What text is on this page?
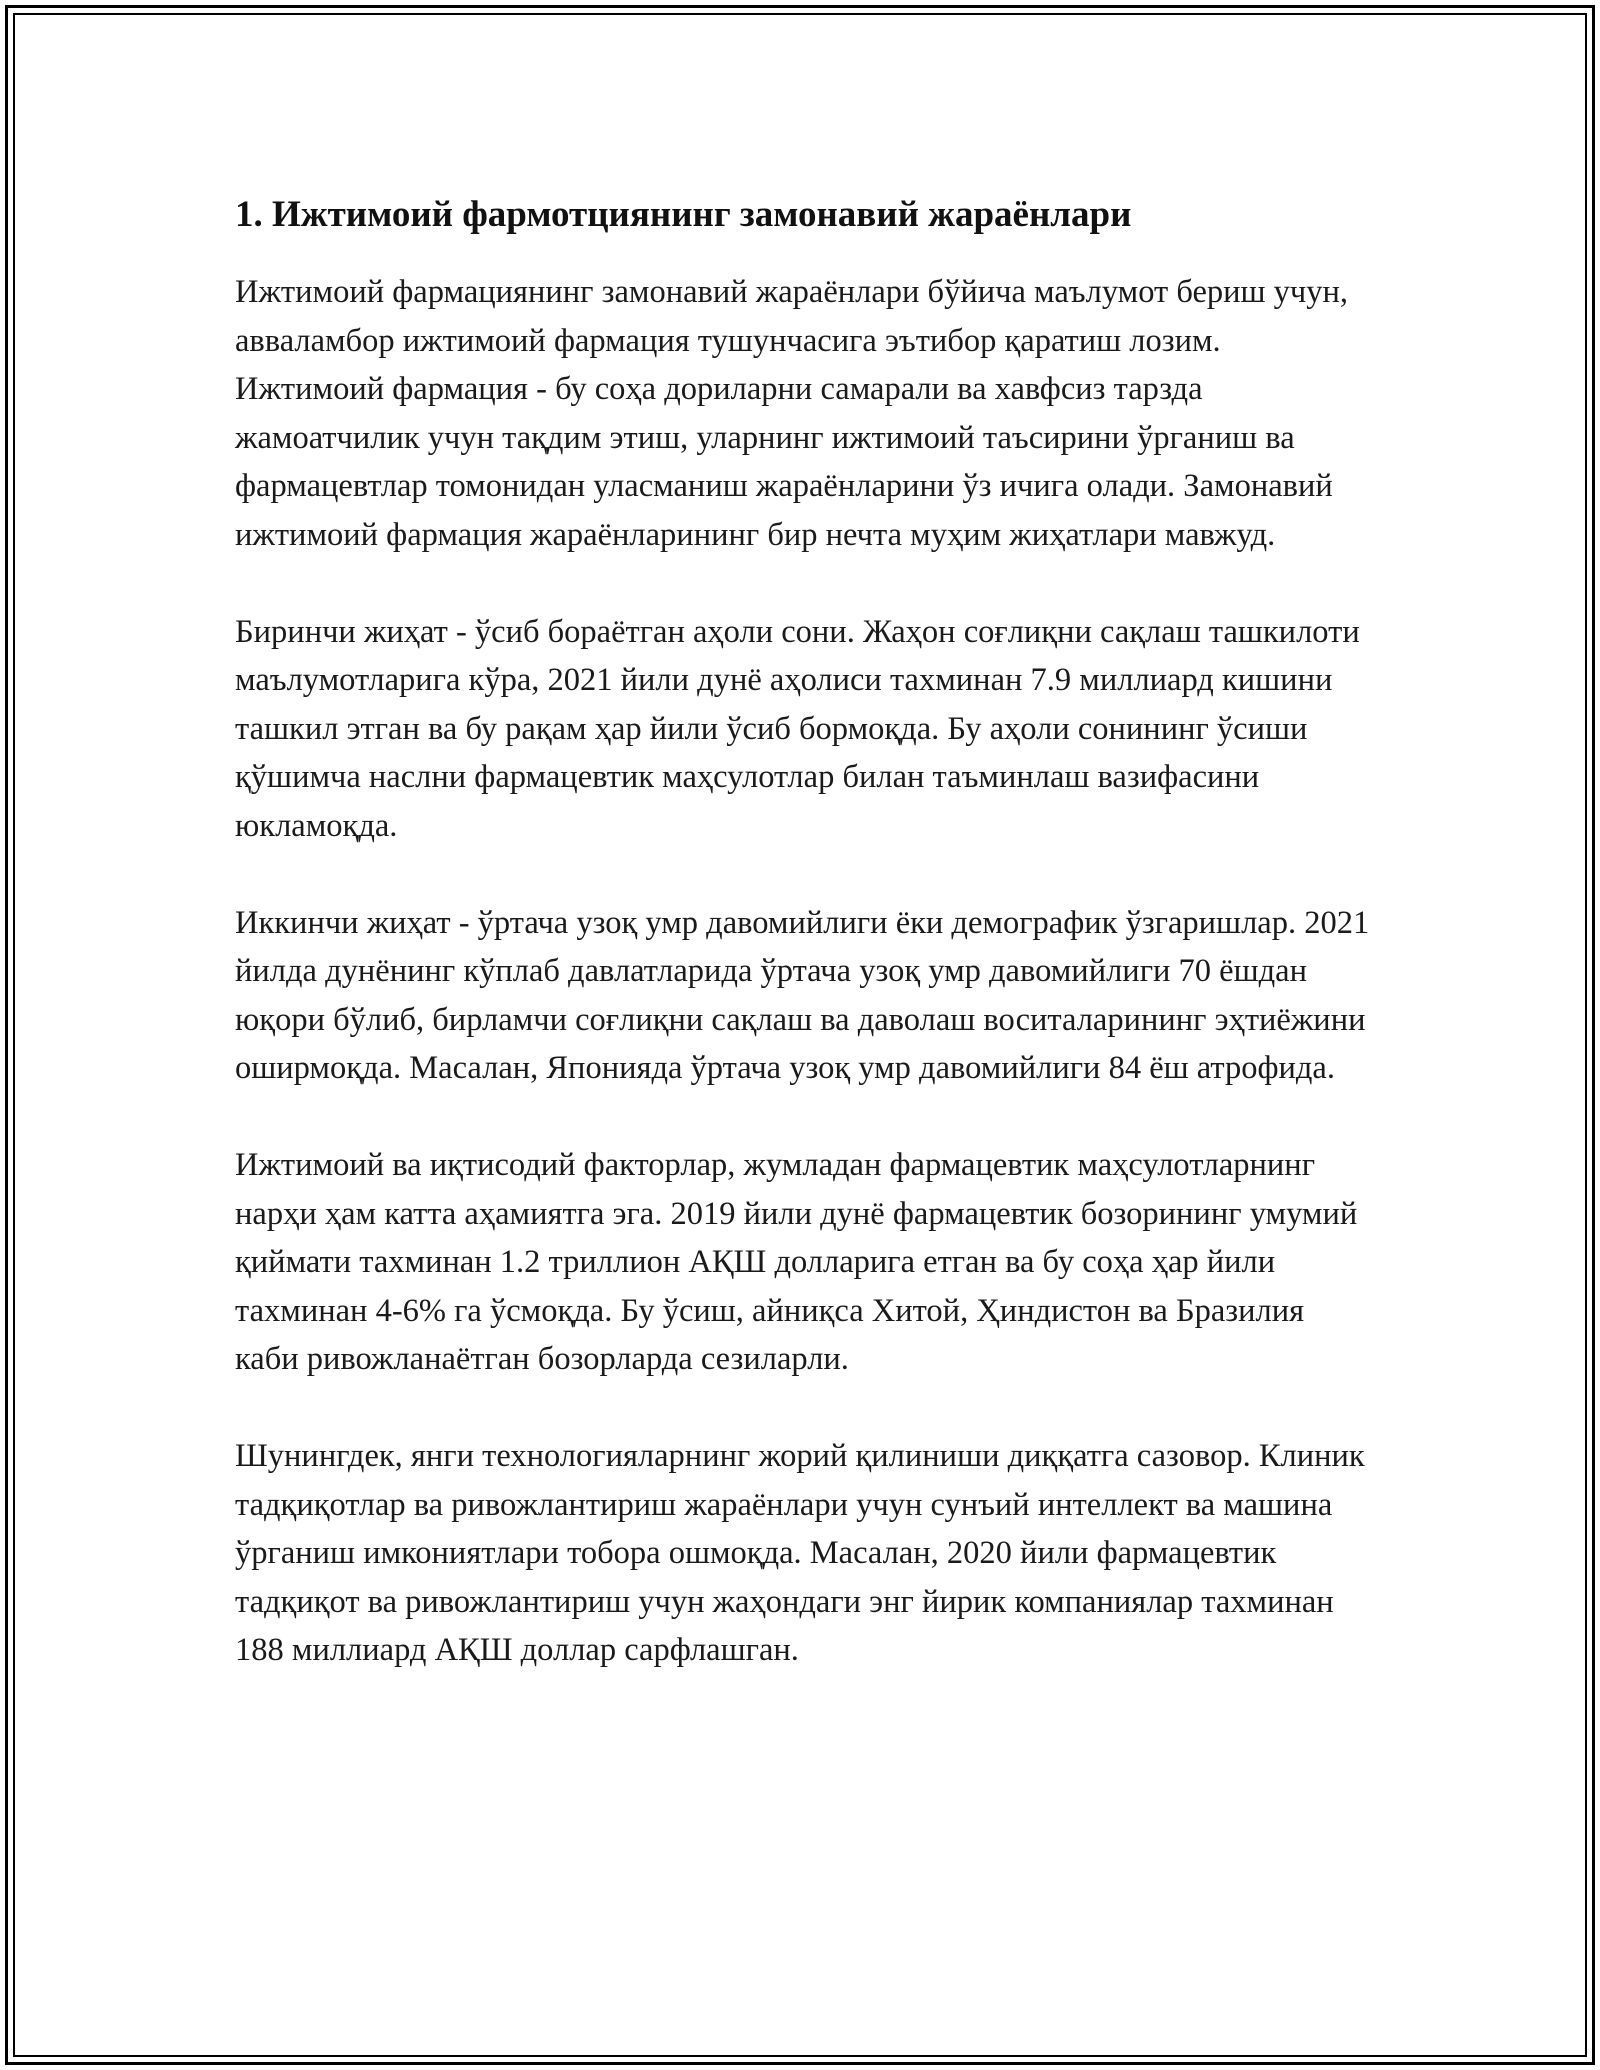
1. Ижтимоий фармотциянинг замонавий жараёнлари

Ижтимоий фармациянинг замонавий жараёнлари бўйича маълумот бериш учун, авваламбор ижтимоий фармация тушунчасига эътибор қаратиш лозим. Ижтимоий фармация - бу соҳа дориларни самарали ва хавфсиз тарзда жамоатчилик учун тақдим этиш, уларнинг ижтимоий таъсирини ўрганиш ва фармацевтлар томонидан уласманиш жараёнларини ўз ичига олади. Замонавий ижтимоий фармация жараёнларининг бир нечта муҳим жиҳатлари мавжуд.

Биринчи жиҳат - ўсиб бораётган аҳоли сони. Жаҳон соғлиқни сақлаш ташкилоти маълумотларига кўра, 2021 йили дунё аҳолиси тахминан 7.9 миллиард кишини ташкил этган ва бу рақам ҳар йили ўсиб бормоқда. Бу аҳоли сонининг ўсиши қўшимча наслни фармацевтик маҳсулотлар билан таъминлаш вазифасини юкламоқда.

Иккинчи жиҳат - ўртача узоқ умр давомийлиги ёки демографик ўзгаришлар. 2021 йилда дунёнинг кўплаб давлатларида ўртача узоқ умр давомийлиги 70 ёшдан юқори бўлиб, бирламчи соғлиқни сақлаш ва даволаш воситаларининг эҳтиёжини оширмоқда. Масалан, Японияда ўртача узоқ умр давомийлиги 84 ёш атрофида.

Ижтимоий ва иқтисодий факторлар, жумладан фармацевтик маҳсулотларнинг нарҳи ҳам катта аҳамиятга эга. 2019 йили дунё фармацевтик бозорининг умумий қиймати тахминан 1.2 триллион АҚШ долларига етган ва бу соҳа ҳар йили тахминан 4-6% га ўсмоқда. Бу ўсиш, айниқса Хитой, Ҳиндистон ва Бразилия каби ривожланаётган бозорларда сезиларли.

Шунингдек, янги технологияларнинг жорий қилиниши диққатга сазовор. Клиник тадқиқотлар ва ривожлантириш жараёнлари учун сунъий интеллект ва машина ўрганиш имкониятлари тобора ошмоқда. Масалан, 2020 йили фармацевтик тадқиқот ва ривожлантириш учун жаҳондаги энг йирик компаниялар тахминан 188 миллиард АҚШ доллар сарфлашган.
